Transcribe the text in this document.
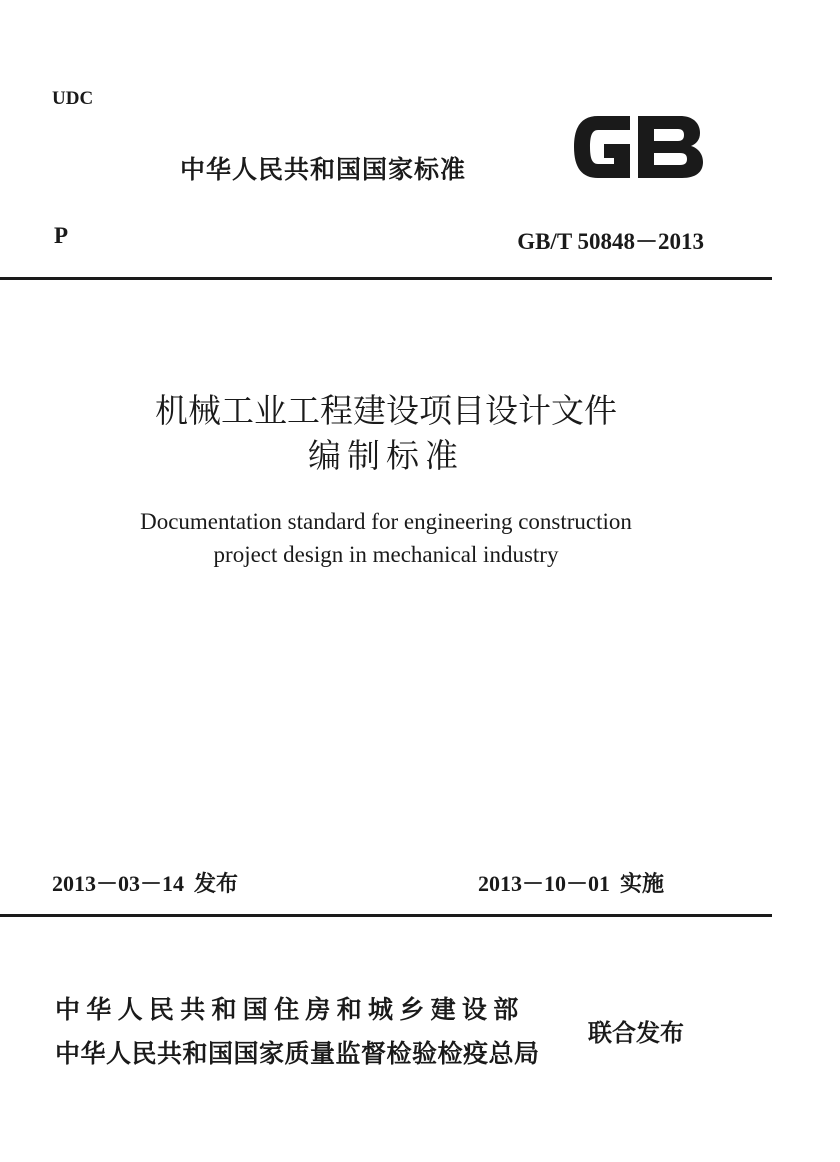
UDC
中华人民共和国国家标准
P	GB/T 50848－2013
机械工业工程建设项目设计文件
编制标准
Documentation standard for engineering construction
project design in mechanical industry
2013－03－14 发布	2013－10－01 实施
中华人民共和国住房和城乡建设部
中华人民共和国国家质量监督检验检疫总局
联合发布
